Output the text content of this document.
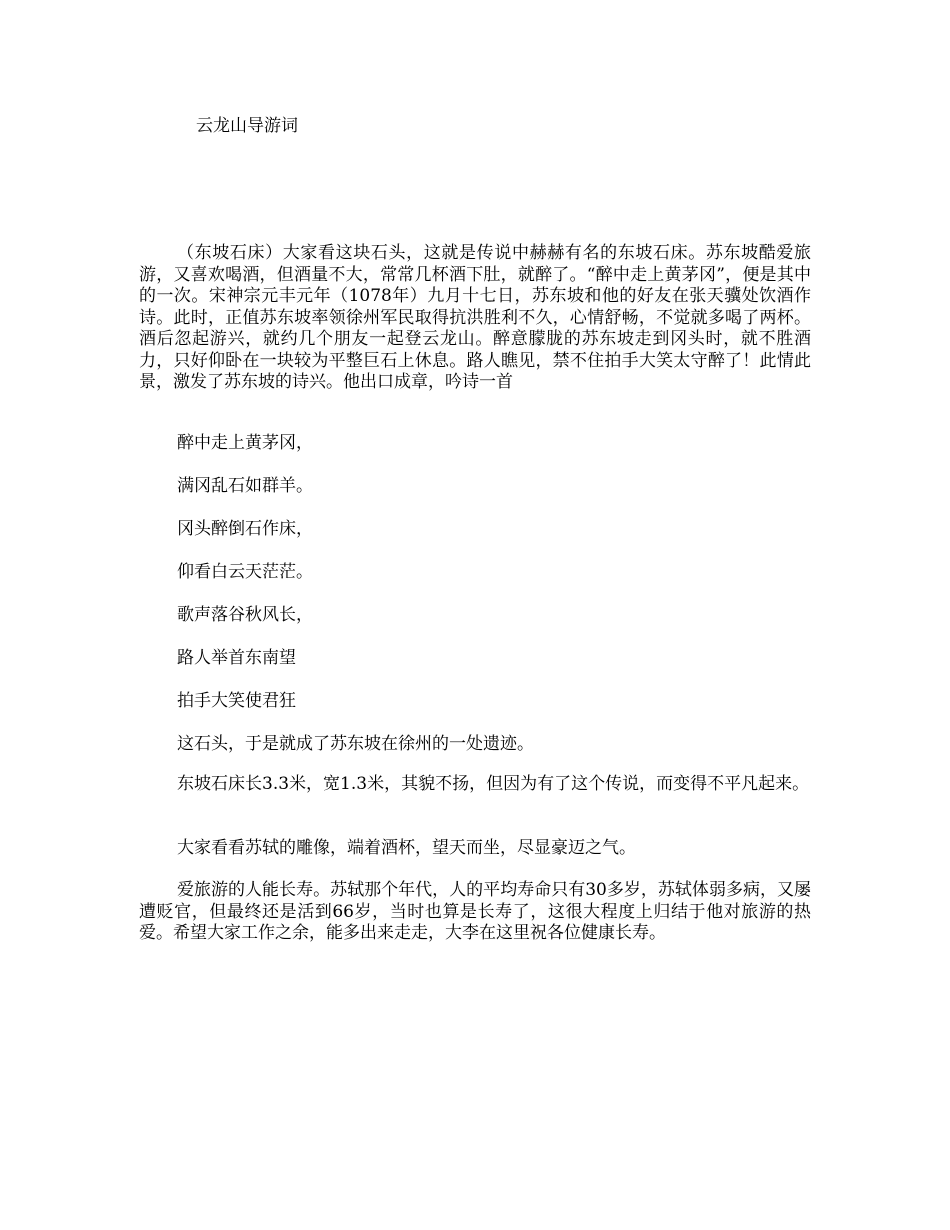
云龙山导游词

（东坡石床）大家看这块石头，这就是传说中赫赫有名的东坡石床。苏东坡酷爱旅游，又喜欢喝酒，但酒量不大，常常几杯酒下肚，就醉了。“醉中走上黄茅冈”，便是其中的一次。宋神宗元丰元年（1078年）九月十七日，苏东坡和他的好友在张天骥处饮酒作诗。此时，正值苏东坡率领徐州军民取得抗洪胜利不久，心情舒畅，不觉就多喝了两杯。酒后忽起游兴，就约几个朋友一起登云龙山。醉意朦胧的苏东坡走到冈头时，就不胜酒力，只好仰卧在一块较为平整巨石上休息。路人瞧见，禁不住拍手大笑太守醉了！此情此景，激发了苏东坡的诗兴。他出口成章，吟诗一首

醉中走上黄茅冈，

满冈乱石如群羊。

冈头醉倒石作床，

仰看白云天茫茫。

歌声落谷秋风长，

路人举首东南望

拍手大笑使君狂

这石头，于是就成了苏东坡在徐州的一处遗迹。

东坡石床长3.3米，宽1.3米，其貌不扬，但因为有了这个传说，而变得不平凡起来。

大家看看苏轼的雕像，端着酒杯，望天而坐，尽显豪迈之气。

爱旅游的人能长寿。苏轼那个年代，人的平均寿命只有30多岁，苏轼体弱多病，又屡遭贬官，但最终还是活到66岁，当时也算是长寿了，这很大程度上归结于他对旅游的热爱。希望大家工作之余，能多出来走走，大李在这里祝各位健康长寿。
